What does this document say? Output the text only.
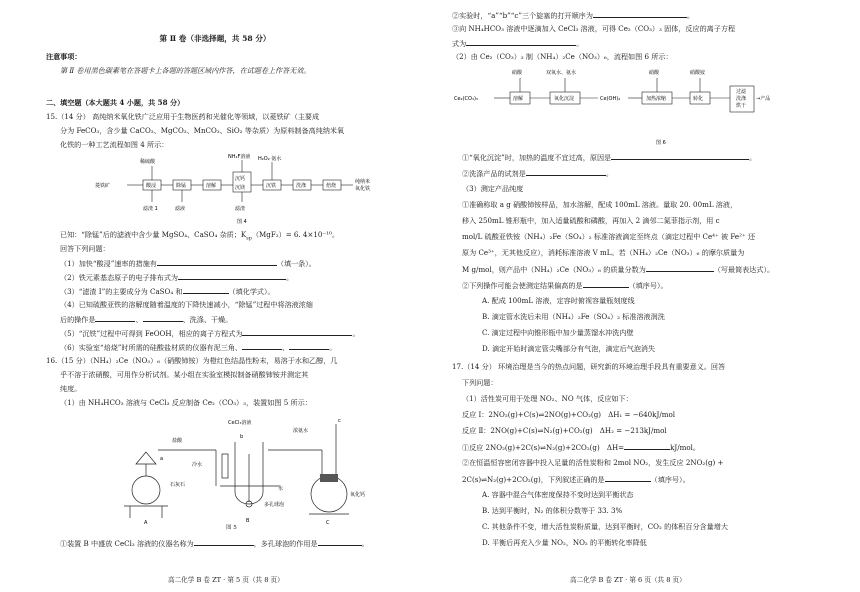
第 Ⅱ 卷（非选择题，共 58 分）
注意事项：
第 Ⅱ 卷用黑色碳素笔在答题卡上各题的答题区域内作答，在试题卷上作答无效。
二、填空题（本大题共 4 小题，共 58 分）
15.（14 分） 高纯纳米氧化铁广泛应用于生物医药和光催化等领域，以菱铁矿（主要成
分为 FeCO₃，含少量 CaCO₃、MgCO₃、MnCO₃、SiO₂ 等杂质）为原料制备高纯纳米氧
化铁的一种工艺流程如图 4 所示：
菱铁矿
稀硫酸
酸浸	除锰	溶解
NH₄F溶液
沉钙
沉镁
H₂O₂ 氨水
沉铁	洗涤	焙烧
纯纳米
氧化铁
滤渣 1	滤液	滤渣
图 4
已知：“除锰”后的滤液中含少量 MgSO₄、CaSO₄ 杂质；$K_{sp}(MgF_2)= 6$. 4×10⁻¹⁰。
回答下列问题：
（1）加快“酸浸”速率的措施有	（填一条）。
（2）铁元素基态原子的电子排布式为	。
（3）“滤渣 Ⅰ”的主要成分为 CaSO₄ 和	（填化学式）。
（4）已知硫酸亚铁的溶解度随着温度的下降快速减小，“除锰”过程中将溶液浓缩
后的操作是	、	、洗涤、干燥。
（5）“沉铁”过程中可得到 FeOOH，相应的离子方程式为	。
（6）实验室“焙烧”时所需的硅酸盐材质的仪器有泥三角、	、	。
16.（15 分）（NH₄）₂Ce（NO₃）₆（硝酸铈铵）为橙红色结晶性粉末，易溶于水和乙醇，几
乎不溶于浓硝酸，可用作分析试剂。某小组在实验室模拟制备硝酸铈铵并测定其
纯度。
（1）由 NH₄HCO₃ 溶液与 CeCl₃ 反应制备 Ce₂（CO₃）₃，装置如图 5 所示：
盐酸
CeCl₃溶液
浓氨水
石灰石
冷水
水
多孔球泡
氧化钙
A	B	C
a
b
c
图 5
①装置 B 中盛放 CeCl₃ 溶液的仪器名称为	，多孔球泡的作用是	。
高二化学 B 卷 ZT · 第 5 页（共 8 页）
②实验时，“a”“b”“c”三个旋塞的打开顺序为	。
③向 NH₄HCO₃ 溶液中逐滴加入 CeCl₃ 溶液，可得 Ce₂（CO₃）₃ 固体，反应的离子方程
式为	。
（2）由 Ce₂（CO₃）₃ 制（NH₄）₂Ce（NO₃）₆，流程如图 6 所示：
Ce₂(CO₃)₃
硝酸	双氧水、氨水	硝酸	硝酸铵
溶解	氧化沉淀	Ce(OH)₄	加热浓缩	转化
过滤
洗涤
烘干
→产品
图 6
①“氧化沉淀”时，加热的温度不宜过高，原因是	。
②洗涤产品的试剂是	。
（3）测定产品纯度
①准确称取 a g 硝酸铈铵样品，加水溶解，配成 100mL 溶液。量取 20. 00mL 溶液，
移入 250mL 锥形瓶中，加入适量硫酸和磷酸，再加入 2 滴邻二氮菲指示剂，用 c
mol/L 硫酸亚铁铵（NH₄）₂Fe（SO₄）₂ 标准溶液滴定至终点（滴定过程中 Ce⁴⁺ 被 Fe²⁺ 还
原为 Ce³⁺，无其他反应），消耗标准溶液 V mL。若（NH₄）₂Ce（NO₃）₆ 的摩尔质量为
M g/mol，则产品中（NH₄）₂Ce（NO₃）₆ 的质量分数为	（写最简表达式）。
②下列操作可能会使测定结果偏高的是	（填序号）。
A. 配成 100mL 溶液，定容时俯视容量瓶刻度线
B. 滴定管水洗后未用（NH₄）₂Fe（SO₄）₂ 标准溶液润洗
C. 滴定过程中向锥形瓶中加少量蒸馏水冲洗内壁
D. 滴定开始时滴定管尖嘴部分有气泡，滴定后气泡消失
17.（14 分） 环境治理是当今的热点问题，研究新的环境治理手段具有重要意义。回答
下列问题：
（1）活性炭可用于处理 NO₂、NO 气体，反应如下：
反应 Ⅰ：2NO₂(g)+C(s)⇌2NO(g)+CO₂(g)　ΔH₁ = −640kJ/mol
反应 Ⅱ：2NO(g)+C(s)⇌N₂(g)+CO₂(g)　ΔH₂ = −213kJ/mol
①反应 2NO₂(g)+2C(s)⇌N₂(g)+2CO₂(g)　ΔH=	kJ/mol。
②在恒温恒容密闭容器中投入足量的活性炭粉和 2mol NO₂，发生反应 2NO₂(g) +
2C(s)⇌N₂(g)+2CO₂(g)，下列叙述正确的是	（填序号）。
A. 容器中混合气体密度保持不变时达到平衡状态
B. 达到平衡时，N₂ 的体积分数等于 33. 3%
C. 其他条件不变，增大活性炭粉质量，达到平衡时，CO₂ 的体积百分含量增大
D. 平衡后再充入少量 NO₂，NO₂ 的平衡转化率降低
高二化学 B 卷 ZT · 第 6 页（共 8 页）
